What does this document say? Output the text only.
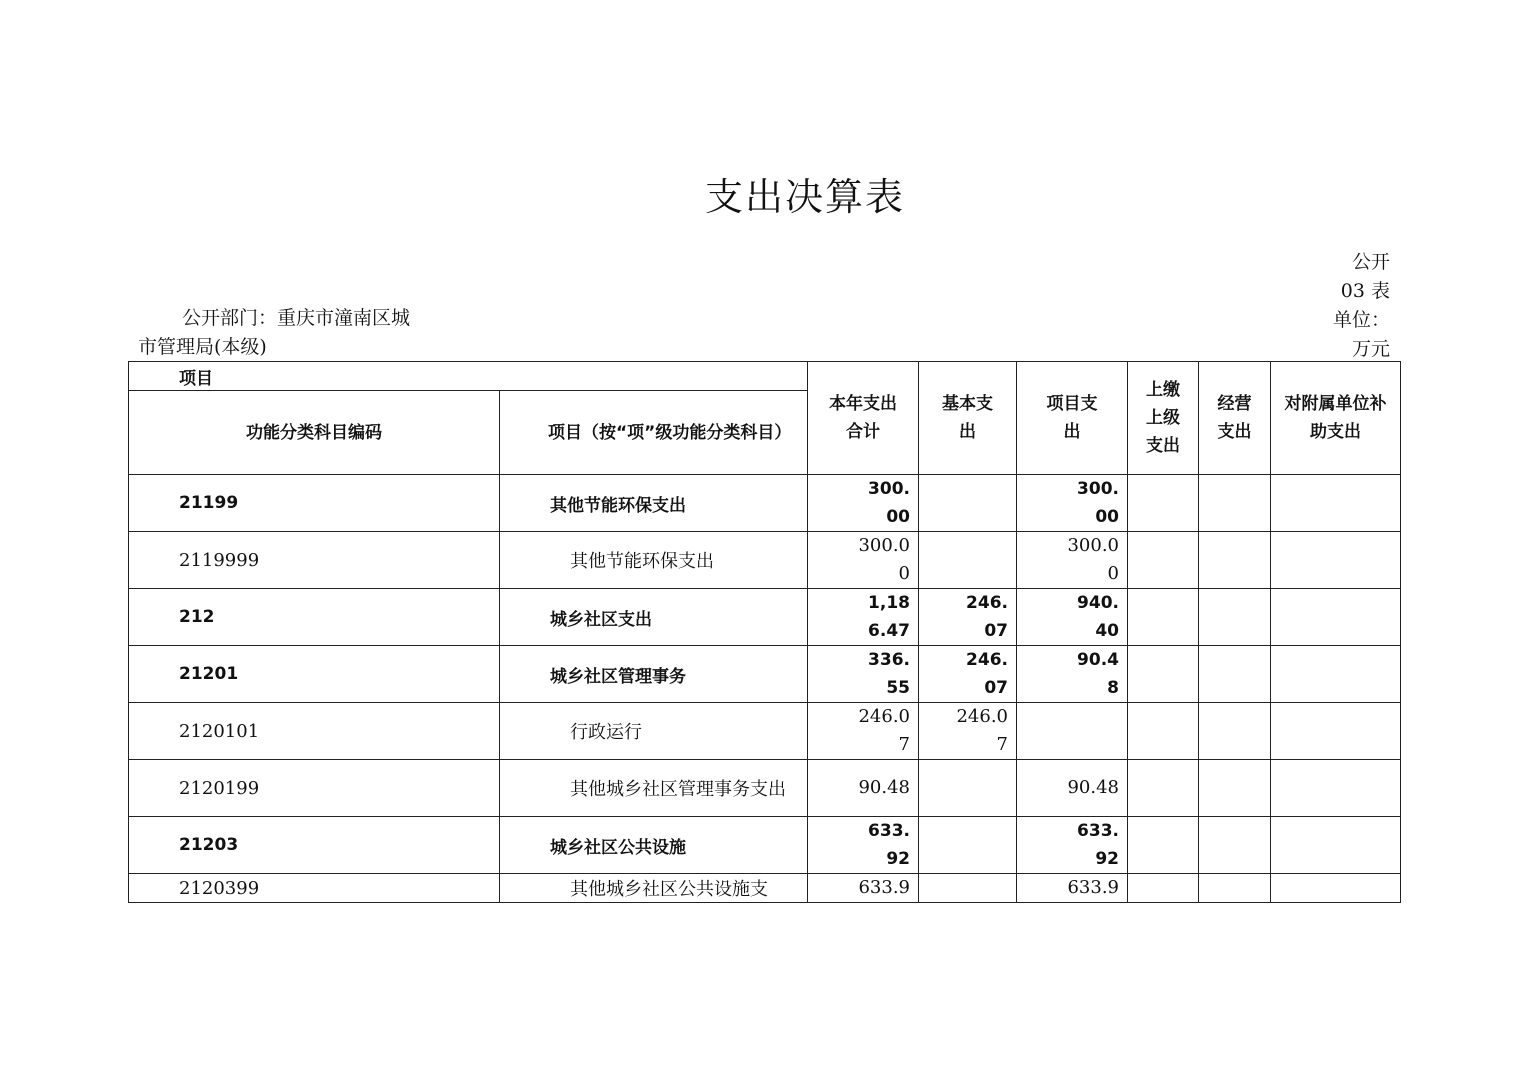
支出决算表
公开
03 表
单位：
万元
公开部门：重庆市潼南区城
市管理局(本级)
项目		本年支出合计	基本支出	项目支出	上缴上级支出	经营支出	对附属单位补助支出

功能分类科目编码	项目（按“项”级功能分类科目）						

21199	其他节能环保支出	300.00		300.00			
2119999	其他节能环保支出	300.00		300.00			
212	城乡社区支出	1,186.47	246.07	940.40			
21201	城乡社区管理事务	336.55	246.07	90.48			
2120101	行政运行	246.07	246.07				
2120199	其他城乡社区管理事务支出	90.48		90.48			
21203	城乡社区公共设施	633.92		633.92			
2120399	其他城乡社区公共设施支	633.9		633.9			
